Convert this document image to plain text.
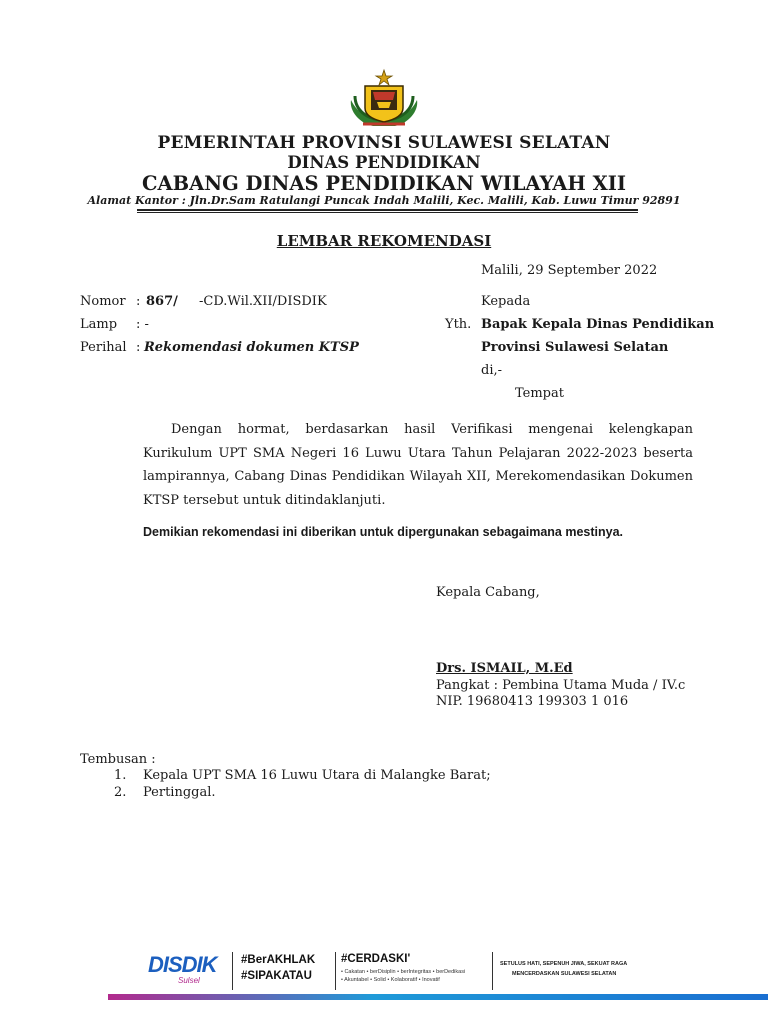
PEMERINTAH PROVINSI SULAWESI SELATAN
DINAS PENDIDIKAN
CABANG DINAS PENDIDIKAN WILAYAH XII
Alamat Kantor : Jln.Dr.Sam Ratulangi Puncak Indah Malili, Kec. Malili, Kab. Luwu Timur 92891
LEMBAR REKOMENDASI
Malili, 29 September 2022
Nomor : 867/ -CD.Wil.XII/DISDIK
Lamp : -
Perihal : Rekomendasi dokumen KTSP
Kepada
Yth. Bapak Kepala Dinas Pendidikan
Provinsi Sulawesi Selatan
di,-
Tempat
Dengan hormat, berdasarkan hasil Verifikasi mengenai kelengkapan Kurikulum UPT SMA Negeri 16 Luwu Utara Tahun Pelajaran 2022-2023 beserta lampirannya, Cabang Dinas Pendidikan Wilayah XII, Merekomendasikan Dokumen KTSP tersebut untuk ditindaklanjuti.
Demikian rekomendasi ini diberikan untuk dipergunakan sebagaimana mestinya.
Kepala Cabang,
Drs. ISMAIL, M.Ed
Pangkat : Pembina Utama Muda / IV.c
NIP. 19680413 199303 1 016
Tembusan :
1. Kepala UPT SMA 16 Luwu Utara di Malangke Barat;
2. Pertinggal.
DISDIK
Sulsel
#BerAKHLAK
#SIPAKATAU
#CERDASKI'
• Cakatan • berDisiplin • berIntegritas • berDedikasi
• Akuntabel • Solid • Kolaboratif • Inovatif
SETULUS HATI, SEPENUH JIWA, SEKUAT RAGA
MENCERDASKAN SULAWESI SELATAN
